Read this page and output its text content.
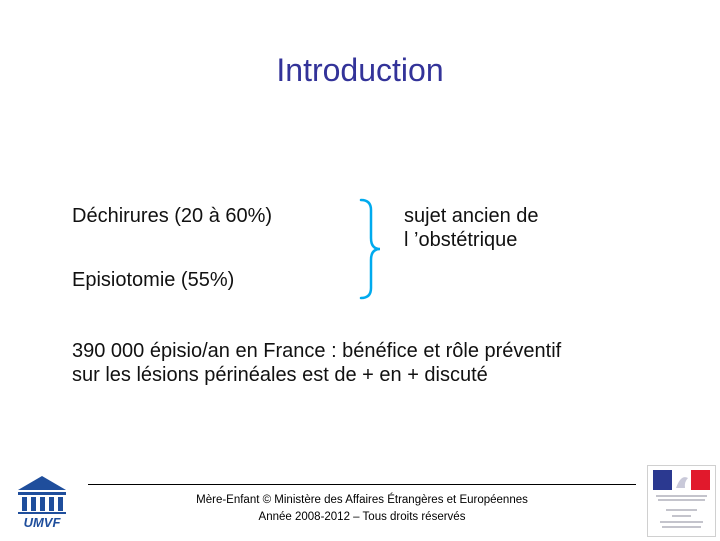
Introduction
Déchirures (20 à 60%)
Episiotomie (55%)
sujet ancien de
l ’obstétrique
390 000 épisio/an en France : bénéfice et rôle préventif
sur les lésions périnéales est de + en + discuté
UMVF
Mère-Enfant © Ministère des Affaires Étrangères et Européennes
Année 2008-2012 – Tous droits réservés
